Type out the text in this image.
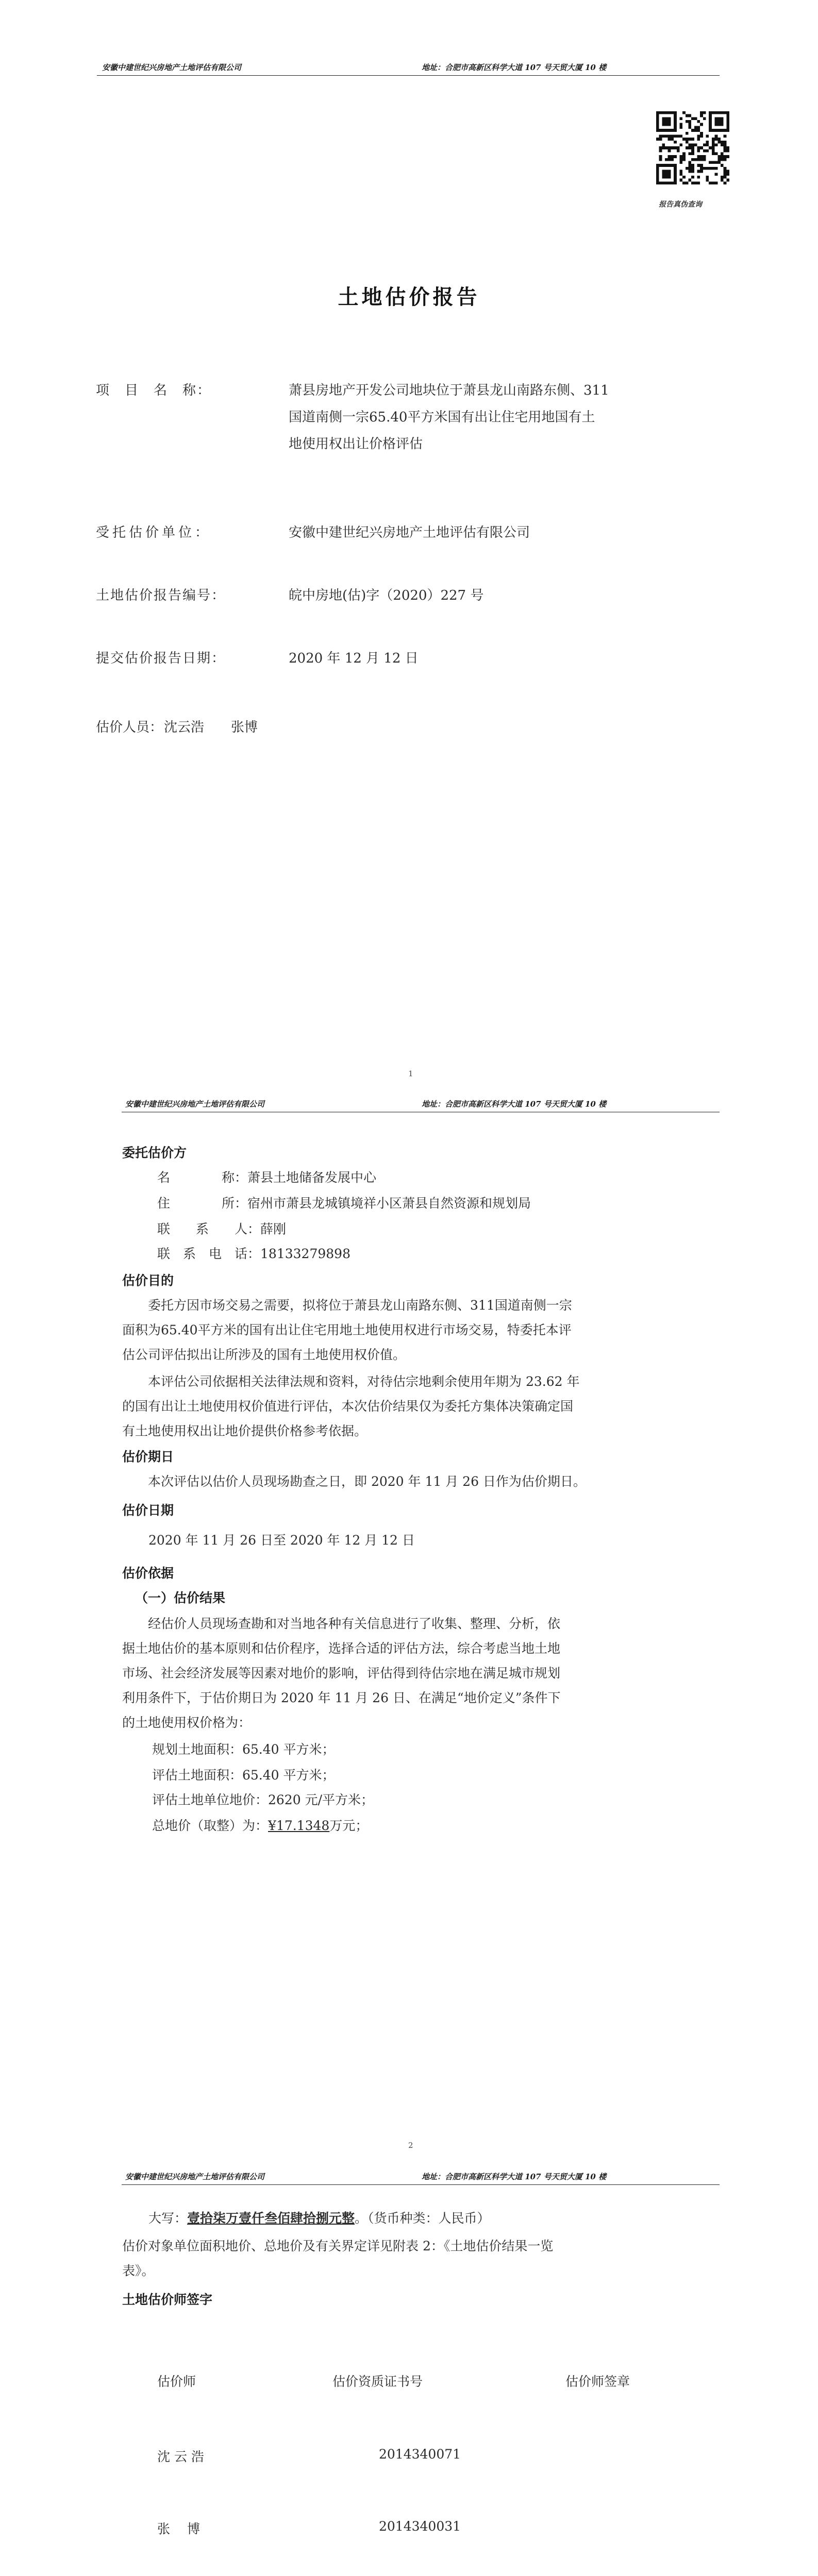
安徽中建世纪兴房地产土地评估有限公司	地址：合肥市高新区科学大道 107 号天贸大厦 10 楼
报告真伪查询
土地估价报告
项　目　名　称：	萧县房地产开发公司地块位于萧县龙山南路东侧、311
国道南侧一宗65.40平方米国有出让住宅用地国有土
地使用权出让价格评估
受托估价单位：	安徽中建世纪兴房地产土地评估有限公司
土地估价报告编号：	皖中房地(估)字（2020）227 号
提交估价报告日期：	2020 年 12 月 12 日
估价人员： 沈云浩　　张博
1
安徽中建世纪兴房地产土地评估有限公司	地址：合肥市高新区科学大道 107 号天贸大厦 10 楼
委托估价方
名　　　　称：萧县土地储备发展中心
住　　　　所：宿州市萧县龙城镇境祥小区萧县自然资源和规划局
联　　系　　人：薛刚
联　系　电　话：18133279898
估价目的
委托方因市场交易之需要，拟将位于萧县龙山南路东侧、311国道南侧一宗
面积为65.40平方米的国有出让住宅用地土地使用权进行市场交易，特委托本评
估公司评估拟出让所涉及的国有土地使用权价值。
本评估公司依据相关法律法规和资料，对待估宗地剩余使用年期为 23.62 年
的国有出让土地使用权价值进行评估，本次估价结果仅为委托方集体决策确定国
有土地使用权出让地价提供价格参考依据。
估价期日
本次评估以估价人员现场勘查之日，即 2020 年 11 月 26 日作为估价期日。
估价日期
2020 年 11 月 26 日至 2020 年 12 月 12 日
估价依据
（一）估价结果
经估价人员现场查勘和对当地各种有关信息进行了收集、整理、分析，依
据土地估价的基本原则和估价程序，选择合适的评估方法，综合考虑当地土地
市场、社会经济发展等因素对地价的影响，评估得到待估宗地在满足城市规划
利用条件下，于估价期日为 2020 年 11 月 26 日、在满足“地价定义”条件下
的土地使用权价格为：
规划土地面积：65.40 平方米；
评估土地面积：65.40 平方米；
评估土地单位地价：2620 元/平方米；
总地价（取整）为：¥17.1348万元；
2
安徽中建世纪兴房地产土地评估有限公司	地址：合肥市高新区科学大道 107 号天贸大厦 10 楼
大写：壹拾柒万壹仟叁佰肆拾捌元整。（货币种类：人民币）
估价对象单位面积地价、总地价及有关界定详见附表 2：《土地估价结果一览
表》。
土地估价师签字
估价师	估价资质证书号	估价师签章
沈 云 浩	2014340071
张　 博	2014340031
